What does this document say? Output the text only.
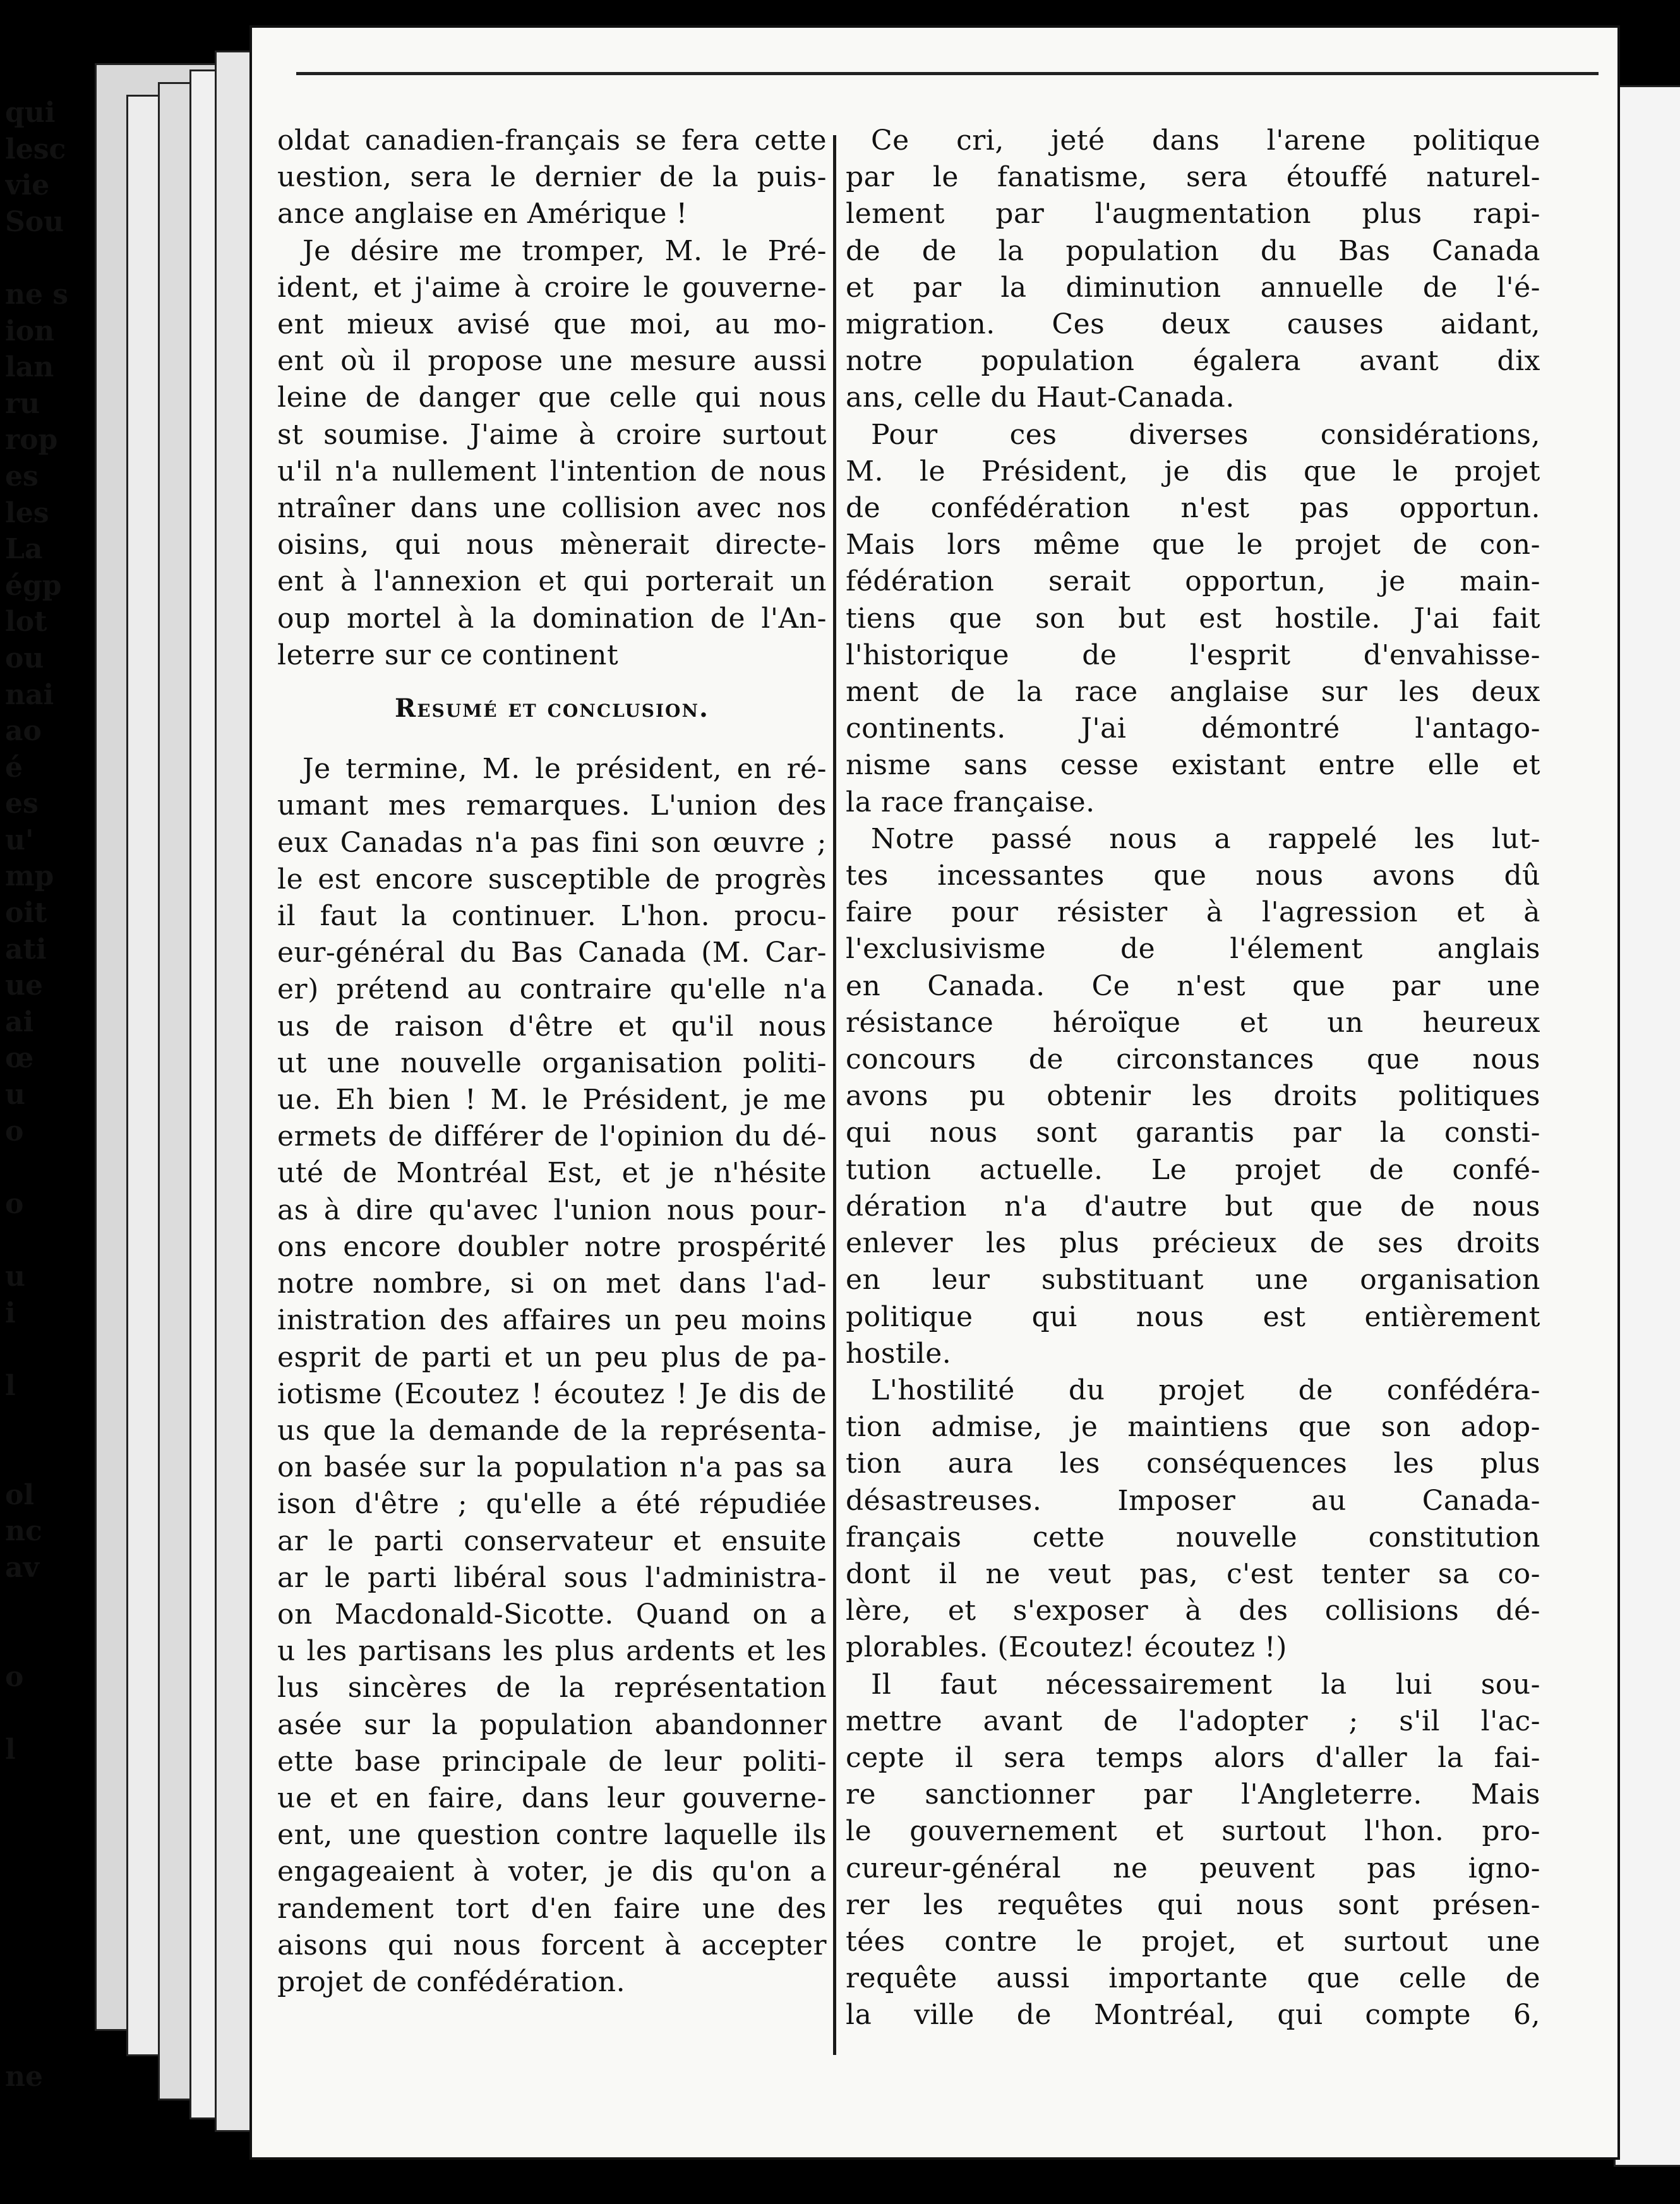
qui
lesc
vie
Sou

ne s
ion
lan
ru
rop
es
les
La
égp
lot
ou
nai
ao
é
es
u'
mp
oit
ati
ue
ai
œ
u
o

o

u
i

l

ol
nc
av

o

l

ne

oldat canadien-français se fera cette
uestion, sera le dernier de la puis-
ance anglaise en Amérique !
Je désire me tromper, M. le Pré-
ident, et j'aime à croire le gouverne-
ent mieux avisé que moi, au mo-
ent où il propose une mesure aussi
leine de danger que celle qui nous
st soumise. J'aime à croire surtout
u'il n'a nullement l'intention de nous
ntraîner dans une collision avec nos
oisins, qui nous mènerait directe-
ent à l'annexion et qui porterait un
oup mortel à la domination de l'An-
leterre sur ce continent
Resumé et conclusion.
Je termine, M. le président, en ré-
umant mes remarques. L'union des
eux Canadas n'a pas fini son œuvre ;
le est encore susceptible de progrès
il faut la continuer. L'hon. procu-
eur-général du Bas Canada (M. Car-
er) prétend au contraire qu'elle n'a
us de raison d'être et qu'il nous
ut une nouvelle organisation politi-
ue. Eh bien ! M. le Président, je me
ermets de différer de l'opinion du dé-
uté de Montréal Est, et je n'hésite
as à dire qu'avec l'union nous pour-
ons encore doubler notre prospérité
notre nombre, si on met dans l'ad-
inistration des affaires un peu moins
esprit de parti et un peu plus de pa-
iotisme (Ecoutez ! écoutez ! Je dis de
us que la demande de la représenta-
on basée sur la population n'a pas sa
ison d'être ; qu'elle a été répudiée
ar le parti conservateur et ensuite
ar le parti libéral sous l'administra-
on Macdonald-Sicotte. Quand on a
u les partisans les plus ardents et les
lus sincères de la représentation
asée sur la population abandonner
ette base principale de leur politi-
ue et en faire, dans leur gouverne-
ent, une question contre laquelle ils
engageaient à voter, je dis qu'on a
randement tort d'en faire une des
aisons qui nous forcent à accepter
projet de confédération.
Ce cri, jeté dans l'arene politique
par le fanatisme, sera étouffé naturel-
lement par l'augmentation plus rapi-
de de la population du Bas Canada
et par la diminution annuelle de l'é-
migration. Ces deux causes aidant,
notre population égalera avant dix
ans, celle du Haut-Canada.
Pour ces diverses considérations,
M. le Président, je dis que le projet
de confédération n'est pas opportun.
Mais lors même que le projet de con-
fédération serait opportun, je main-
tiens que son but est hostile. J'ai fait
l'historique de l'esprit d'envahisse-
ment de la race anglaise sur les deux
continents. J'ai démontré l'antago-
nisme sans cesse existant entre elle et
la race française.
Notre passé nous a rappelé les lut-
tes incessantes que nous avons dû
faire pour résister à l'agression et à
l'exclusivisme de l'élement anglais
en Canada. Ce n'est que par une
résistance héroïque et un heureux
concours de circonstances que nous
avons pu obtenir les droits politiques
qui nous sont garantis par la consti-
tution actuelle. Le projet de confé-
dération n'a d'autre but que de nous
enlever les plus précieux de ses droits
en leur substituant une organisation
politique qui nous est entièrement
hostile.
L'hostilité du projet de confédéra-
tion admise, je maintiens que son adop-
tion aura les conséquences les plus
désastreuses. Imposer au Canada-
français cette nouvelle constitution
dont il ne veut pas, c'est tenter sa co-
lère, et s'exposer à des collisions dé-
plorables. (Ecoutez! écoutez !)
Il faut nécessairement la lui sou-
mettre avant de l'adopter ; s'il l'ac-
cepte il sera temps alors d'aller la fai-
re sanctionner par l'Angleterre. Mais
le gouvernement et surtout l'hon. pro-
cureur-général ne peuvent pas igno-
rer les requêtes qui nous sont présen-
tées contre le projet, et surtout une
requête aussi importante que celle de
la ville de Montréal, qui compte 6,
